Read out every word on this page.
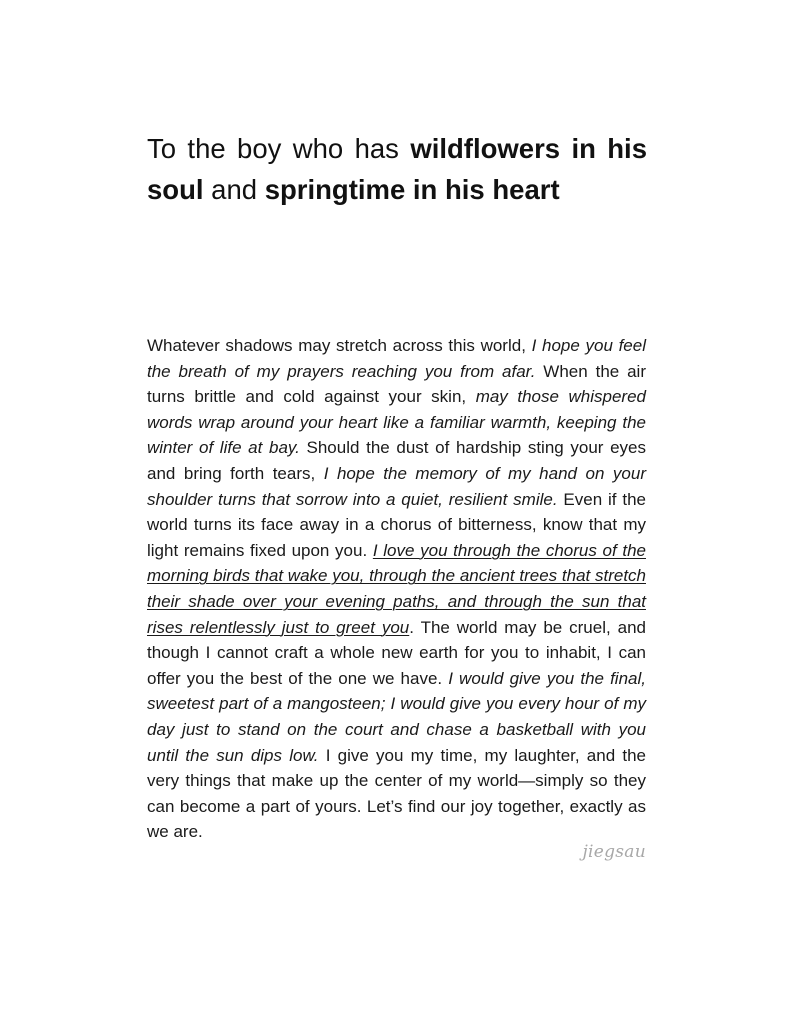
To the boy who has wildflowers in his soul and springtime in his heart

Whatever shadows may stretch across this world, I hope you feel the breath of my prayers reaching you from afar. When the air turns brittle and cold against your skin, may those whispered words wrap around your heart like a familiar warmth, keeping the winter of life at bay. Should the dust of hardship sting your eyes and bring forth tears, I hope the memory of my hand on your shoulder turns that sorrow into a quiet, resilient smile. Even if the world turns its face away in a chorus of bitterness, know that my light remains fixed upon you. I love you through the chorus of the morning birds that wake you, through the ancient trees that stretch their shade over your evening paths, and through the sun that rises relentlessly just to greet you. The world may be cruel, and though I cannot craft a whole new earth for you to inhabit, I can offer you the best of the one we have. I would give you the final, sweetest part of a mangosteen; I would give you every hour of my day just to stand on the court and chase a basketball with you until the sun dips low. I give you my time, my laughter, and the very things that make up the center of my world—simply so they can become a part of yours. Let’s find our joy together, exactly as we are.

jiegsau
